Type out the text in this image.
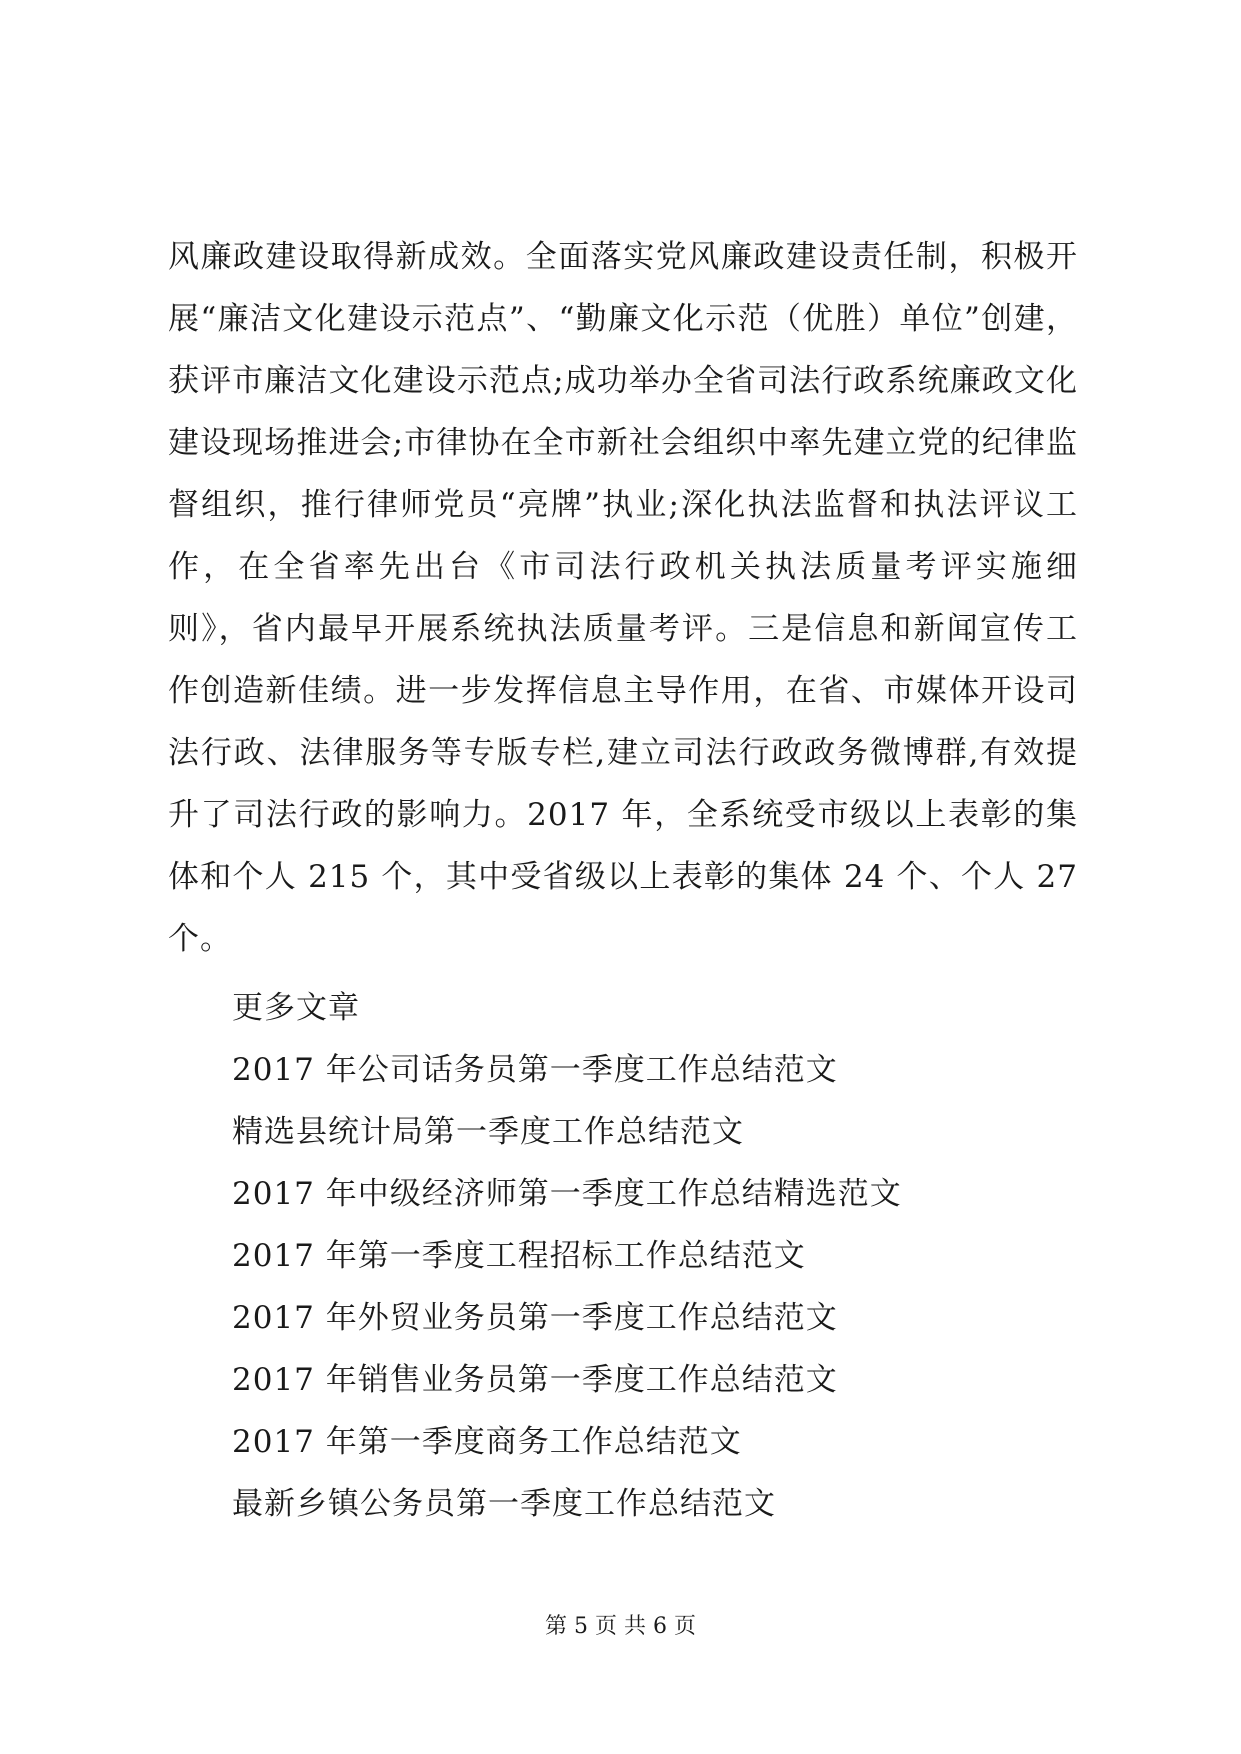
风廉政建设取得新成效。全面落实党风廉政建设责任制，积极开展“廉洁文化建设示范点”、“勤廉文化示范（优胜）单位”创建，获评市廉洁文化建设示范点;成功举办全省司法行政系统廉政文化建设现场推进会;市律协在全市新社会组织中率先建立党的纪律监督组织，推行律师党员“亮牌”执业;深化执法监督和执法评议工作，在全省率先出台《市司法行政机关执法质量考评实施细则》，省内最早开展系统执法质量考评。三是信息和新闻宣传工作创造新佳绩。进一步发挥信息主导作用，在省、市媒体开设司法行政、法律服务等专版专栏,建立司法行政政务微博群,有效提升了司法行政的影响力。2017 年，全系统受市级以上表彰的集体和个人 215 个，其中受省级以上表彰的集体 24 个、个人 27 个。

更多文章
2017 年公司话务员第一季度工作总结范文
精选县统计局第一季度工作总结范文
2017 年中级经济师第一季度工作总结精选范文
2017 年第一季度工程招标工作总结范文
2017 年外贸业务员第一季度工作总结范文
2017 年销售业务员第一季度工作总结范文
2017 年第一季度商务工作总结范文
最新乡镇公务员第一季度工作总结范文
第 5 页 共 6 页
